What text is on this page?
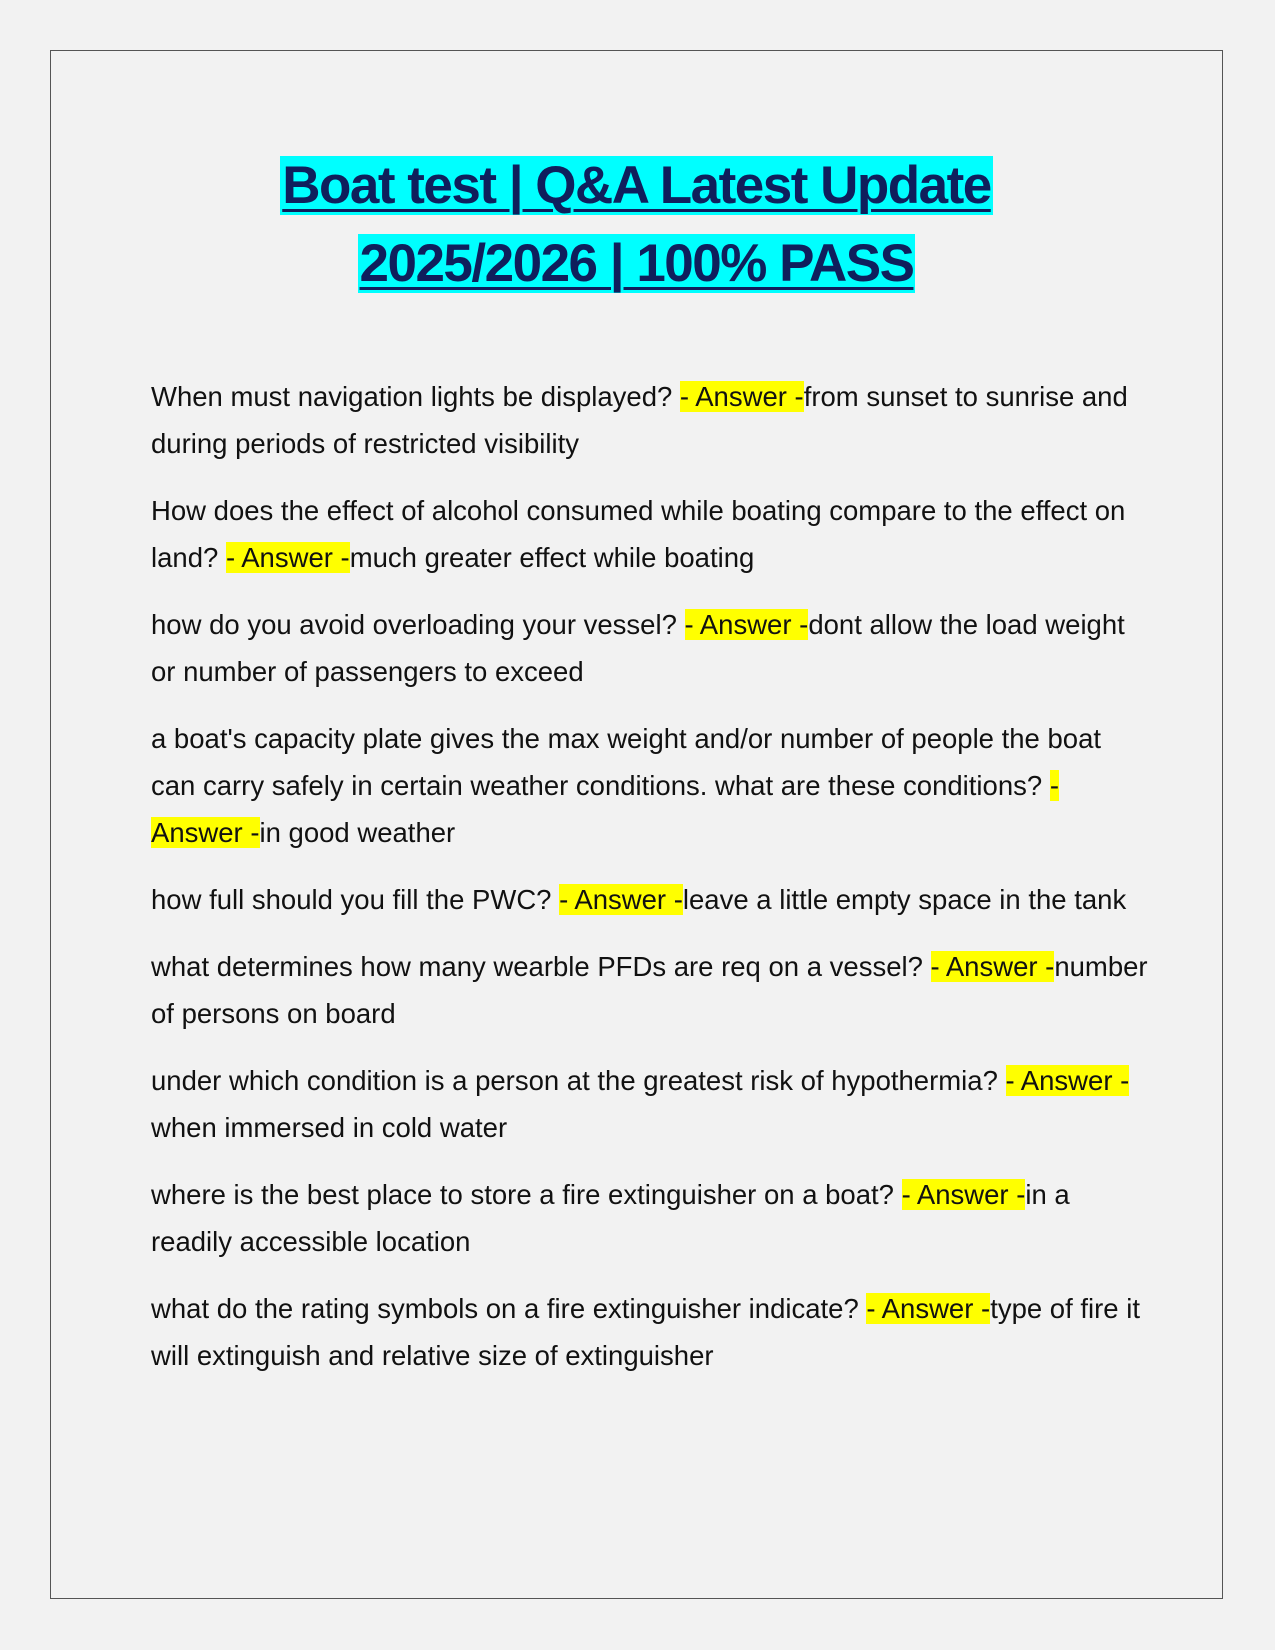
Boat test | Q&A Latest Update
2025/2026 | 100% PASS

When must navigation lights be displayed? - Answer -from sunset to sunrise and during periods of restricted visibility

How does the effect of alcohol consumed while boating compare to the effect on land? - Answer -much greater effect while boating

how do you avoid overloading your vessel? - Answer -dont allow the load weight or number of passengers to exceed

a boat's capacity plate gives the max weight and/or number of people the boat can carry safely in certain weather conditions. what are these conditions? - Answer -in good weather

how full should you fill the PWC? - Answer -leave a little empty space in the tank

what determines how many wearble PFDs are req on a vessel? - Answer -number of persons on board

under which condition is a person at the greatest risk of hypothermia? - Answer -when immersed in cold water

where is the best place to store a fire extinguisher on a boat? - Answer -in a readily accessible location

what do the rating symbols on a fire extinguisher indicate? - Answer -type of fire it will extinguish and relative size of extinguisher
